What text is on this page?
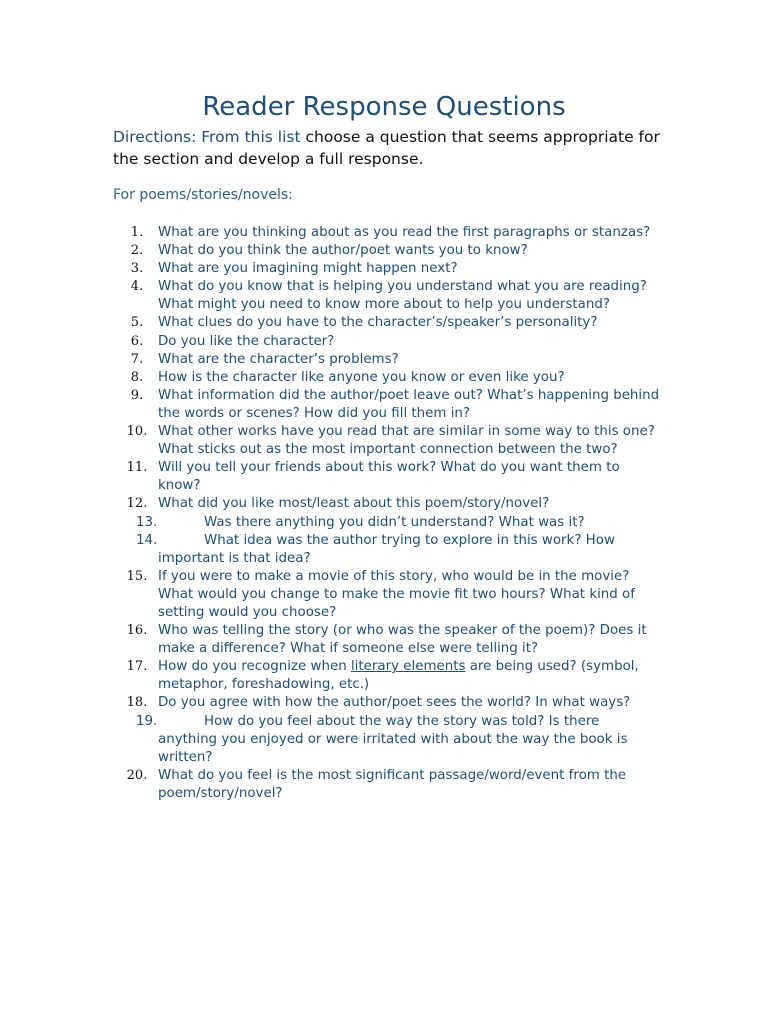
Reader Response Questions
Directions: From this list choose a question that seems appropriate for the section and develop a full response.
For poems/stories/novels:
1.	What are you thinking about as you read the first paragraphs or stanzas?
2.	What do you think the author/poet wants you to know?
3.	What are you imagining might happen next?
4.	What do you know that is helping you understand what you are reading? What might you need to know more about to help you understand?
5.	What clues do you have to the character’s/speaker’s personality?
6.	Do you like the character?
7.	What are the character’s problems?
8.	How is the character like anyone you know or even like you?
9.	What information did the author/poet leave out? What’s happening behind the words or scenes? How did you fill them in?
10. What other works have you read that are similar in some way to this one? What sticks out as the most important connection between the two?
11. Will you tell your friends about this work? What do you want them to know?
12. What did you like most/least about this poem/story/novel?
13.	Was there anything you didn’t understand? What was it?
14.	What idea was the author trying to explore in this work? How important is that idea?
15. If you were to make a movie of this story, who would be in the movie? What would you change to make the movie fit two hours? What kind of setting would you choose?
16. Who was telling the story (or who was the speaker of the poem)? Does it make a difference? What if someone else were telling it?
17. How do you recognize when literary elements are being used? (symbol, metaphor, foreshadowing, etc.)
18. Do you agree with how the author/poet sees the world? In what ways?
19.	How do you feel about the way the story was told? Is there anything you enjoyed or were irritated with about the way the book is written?
20. What do you feel is the most significant passage/word/event from the poem/story/novel?
